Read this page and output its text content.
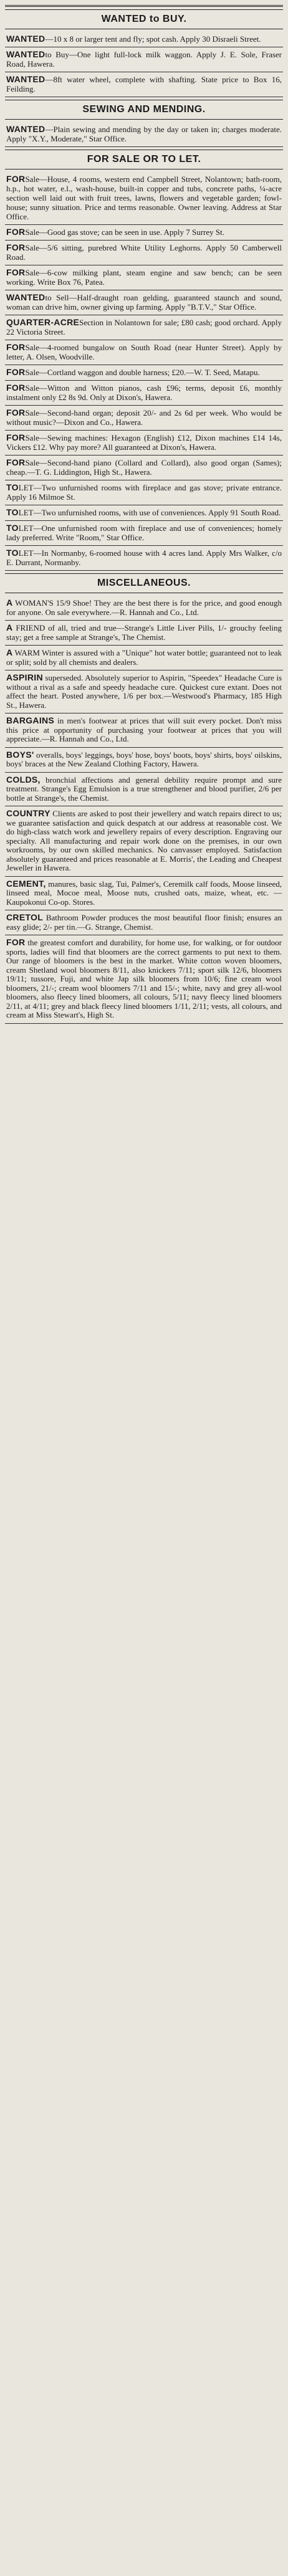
WANTED to BUY.
WANTED—10 x 8 or larger tent and fly; spot cash. Apply 30 Disraeli Street.
WANTEDto Buy—One light full-lock milk waggon. Apply J. E. Sole, Fraser Road, Hawera.
WANTED—8ft water wheel, complete with shafting. State price to Box 16, Feilding.
SEWING AND MENDING.
WANTED—Plain sewing and mending by the day or taken in; charges moderate. Apply "X.Y., Moderate," Star Office.
FOR SALE OR TO LET.
FORSale—House, 4 rooms, western end Campbell Street, Nolantown; bath-room, h.p., hot water, e.l., wash-house, built-in copper and tubs, concrete paths, ¼-acre section well laid out with fruit trees, lawns, flowers and vegetable garden; fowl-house; sunny situation. Price and terms reasonable. Owner leaving. Address at Star Office.
FORSale—Good gas stove; can be seen in use. Apply 7 Surrey St.
FORSale—5/6 sitting, purebred White Utility Leghorns. Apply 50 Camberwell Road.
FORSale—6-cow milking plant, steam engine and saw bench; can be seen working. Write Box 76, Patea.
WANTEDto Sell—Half-draught roan gelding, guaranteed staunch and sound, woman can drive him, owner giving up farming. Apply "B.T.V.," Star Office.
QUARTER-ACRESection in Nolantown for sale; £80 cash; good orchard. Apply 22 Victoria Street.
FORSale—4-roomed bungalow on South Road (near Hunter Street). Apply by letter, A. Olsen, Woodville.
FORSale—Cortland waggon and double harness; £20.—W. T. Seed, Matapu.
FORSale—Witton and Witton pianos, cash £96; terms, deposit £6, monthly instalment only £2 8s 9d. Only at Dixon's, Hawera.
FORSale—Second-hand organ; deposit 20/- and 2s 6d per week. Who would be without music?—Dixon and Co., Hawera.
FORSale—Sewing machines: Hexagon (English) £12, Dixon machines £14 14s, Vickers £12. Why pay more? All guaranteed at Dixon's, Hawera.
FORSale—Second-hand piano (Collard and Collard), also good organ (Sames); cheap.—T. G. Liddington, High St., Hawera.
TOLET—Two unfurnished rooms with fireplace and gas stove; private entrance. Apply 16 Milmoe St.
TOLET—Two unfurnished rooms, with use of conveniences. Apply 91 South Road.
TOLET—One unfurnished room with fireplace and use of conveniences; homely lady preferred. Write "Room," Star Office.
TOLET—In Normanby, 6-roomed house with 4 acres land. Apply Mrs Walker, c/o E. Durrant, Normanby.
MISCELLANEOUS.
A WOMAN'S 15/9 Shoe! They are the best there is for the price, and good enough for anyone. On sale everywhere.—R. Hannah and Co., Ltd.
A FRIEND of all, tried and true—Strange's Little Liver Pills, 1/- grouchy feeling stay; get a free sample at Strange's, The Chemist.
A WARM Winter is assured with a "Unique" hot water bottle; guaranteed not to leak or split; sold by all chemists and dealers.
ASPIRIN superseded. Absolutely superior to Aspirin, "Speedex" Headache Cure is without a rival as a safe and speedy headache cure. Quickest cure extant. Does not affect the heart. Posted anywhere, 1/6 per box.—Westwood's Pharmacy, 185 High St., Hawera.
BARGAINS in men's footwear at prices that will suit every pocket. Don't miss this price at opportunity of purchasing your footwear at prices that you will appreciate.—R. Hannah and Co., Ltd.
BOYS' overalls, boys' leggings, boys' hose, boys' boots, boys' shirts, boys' oilskins, boys' braces at the New Zealand Clothing Factory, Hawera.
COLDS, bronchial affections and general debility require prompt and sure treatment. Strange's Egg Emulsion is a true strengthener and blood purifier, 2/6 per bottle at Strange's, the Chemist.
COUNTRY Clients are asked to post their jewellery and watch repairs direct to us; we guarantee satisfaction and quick despatch at our address at reasonable cost. We do high-class watch work and jewellery repairs of every description. Engraving our specialty. All manufacturing and repair work done on the premises, in our own workrooms, by our own skilled mechanics. No canvasser employed. Satisfaction absolutely guaranteed and prices reasonable at E. Morris', the Leading and Cheapest Jeweller in Hawera.
CEMENT, manures, basic slag, Tui, Palmer's, Ceremilk calf foods, Moose linseed, linseed meal, Mocoe meal, Moose nuts, crushed oats, maize, wheat, etc. — Kaupokonui Co-op. Stores.
CRETOL Bathroom Powder produces the most beautiful floor finish; ensures an easy glide; 2/- per tin.—G. Strange, Chemist.
FOR the greatest comfort and durability, for home use, for walking, or for outdoor sports, ladies will find that bloomers are the correct garments to put next to them. Our range of bloomers is the best in the market. White cotton woven bloomers, cream Shetland wool bloomers 8/11, also knickers 7/11; sport silk 12/6, bloomers 19/11; tussore, Fuji, and white Jap silk bloomers from 10/6; fine cream wool bloomers, 21/-; cream wool bloomers 7/11 and 15/-; white, navy and grey all-wool bloomers, also fleecy lined bloomers, all colours, 5/11; navy fleecy lined bloomers 2/11, at 4/11; grey and black fleecy lined bloomers 1/11, 2/11; vests, all colours, and cream at Miss Stewart's, High St.
